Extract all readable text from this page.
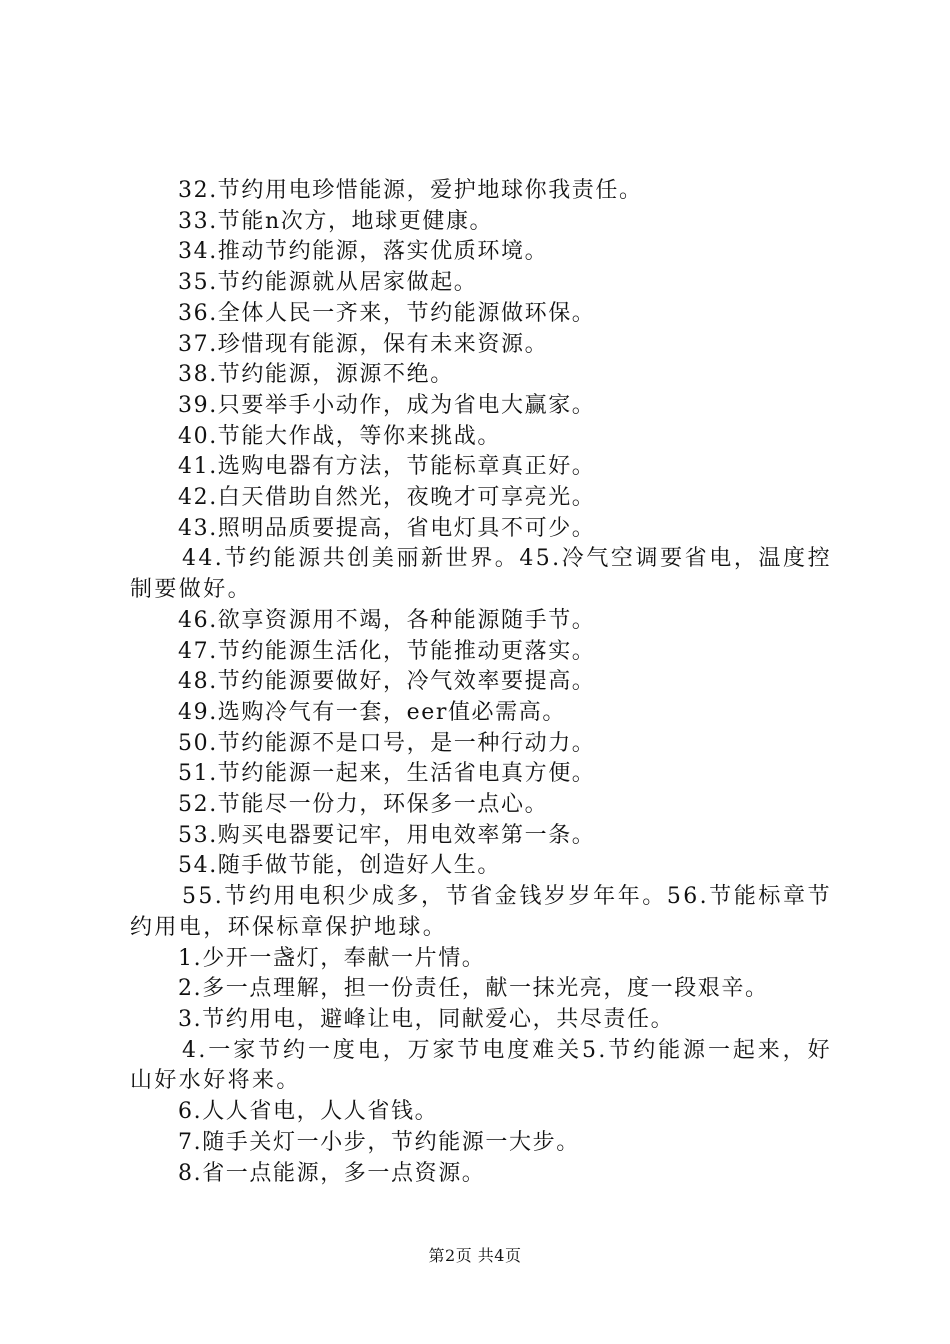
32.节约用电珍惜能源，爱护地球你我责任。

33.节能n次方，地球更健康。

34.推动节约能源，落实优质环境。

35.节约能源就从居家做起。

36.全体人民一齐来，节约能源做环保。

37.珍惜现有能源，保有未来资源。

38.节约能源，源源不绝。

39.只要举手小动作，成为省电大赢家。

40.节能大作战，等你来挑战。

41.选购电器有方法，节能标章真正好。

42.白天借助自然光，夜晚才可享亮光。

43.照明品质要提高，省电灯具不可少。

44.节约能源共创美丽新世界。45.冷气空调要省电，温度控制要做好。

46.欲享资源用不竭，各种能源随手节。

47.节约能源生活化，节能推动更落实。

48.节约能源要做好，冷气效率要提高。

49.选购冷气有一套，eer值必需高。

50.节约能源不是口号，是一种行动力。

51.节约能源一起来，生活省电真方便。

52.节能尽一份力，环保多一点心。

53.购买电器要记牢，用电效率第一条。

54.随手做节能，创造好人生。

55.节约用电积少成多，节省金钱岁岁年年。56.节能标章节约用电，环保标章保护地球。

1.少开一盏灯，奉献一片情。

2.多一点理解，担一份责任，献一抹光亮，度一段艰辛。

3.节约用电，避峰让电，同献爱心，共尽责任。

4.一家节约一度电，万家节电度难关5.节约能源一起来，好山好水好将来。

6.人人省电，人人省钱。

7.随手关灯一小步，节约能源一大步。

8.省一点能源，多一点资源。

第2页 共4页
